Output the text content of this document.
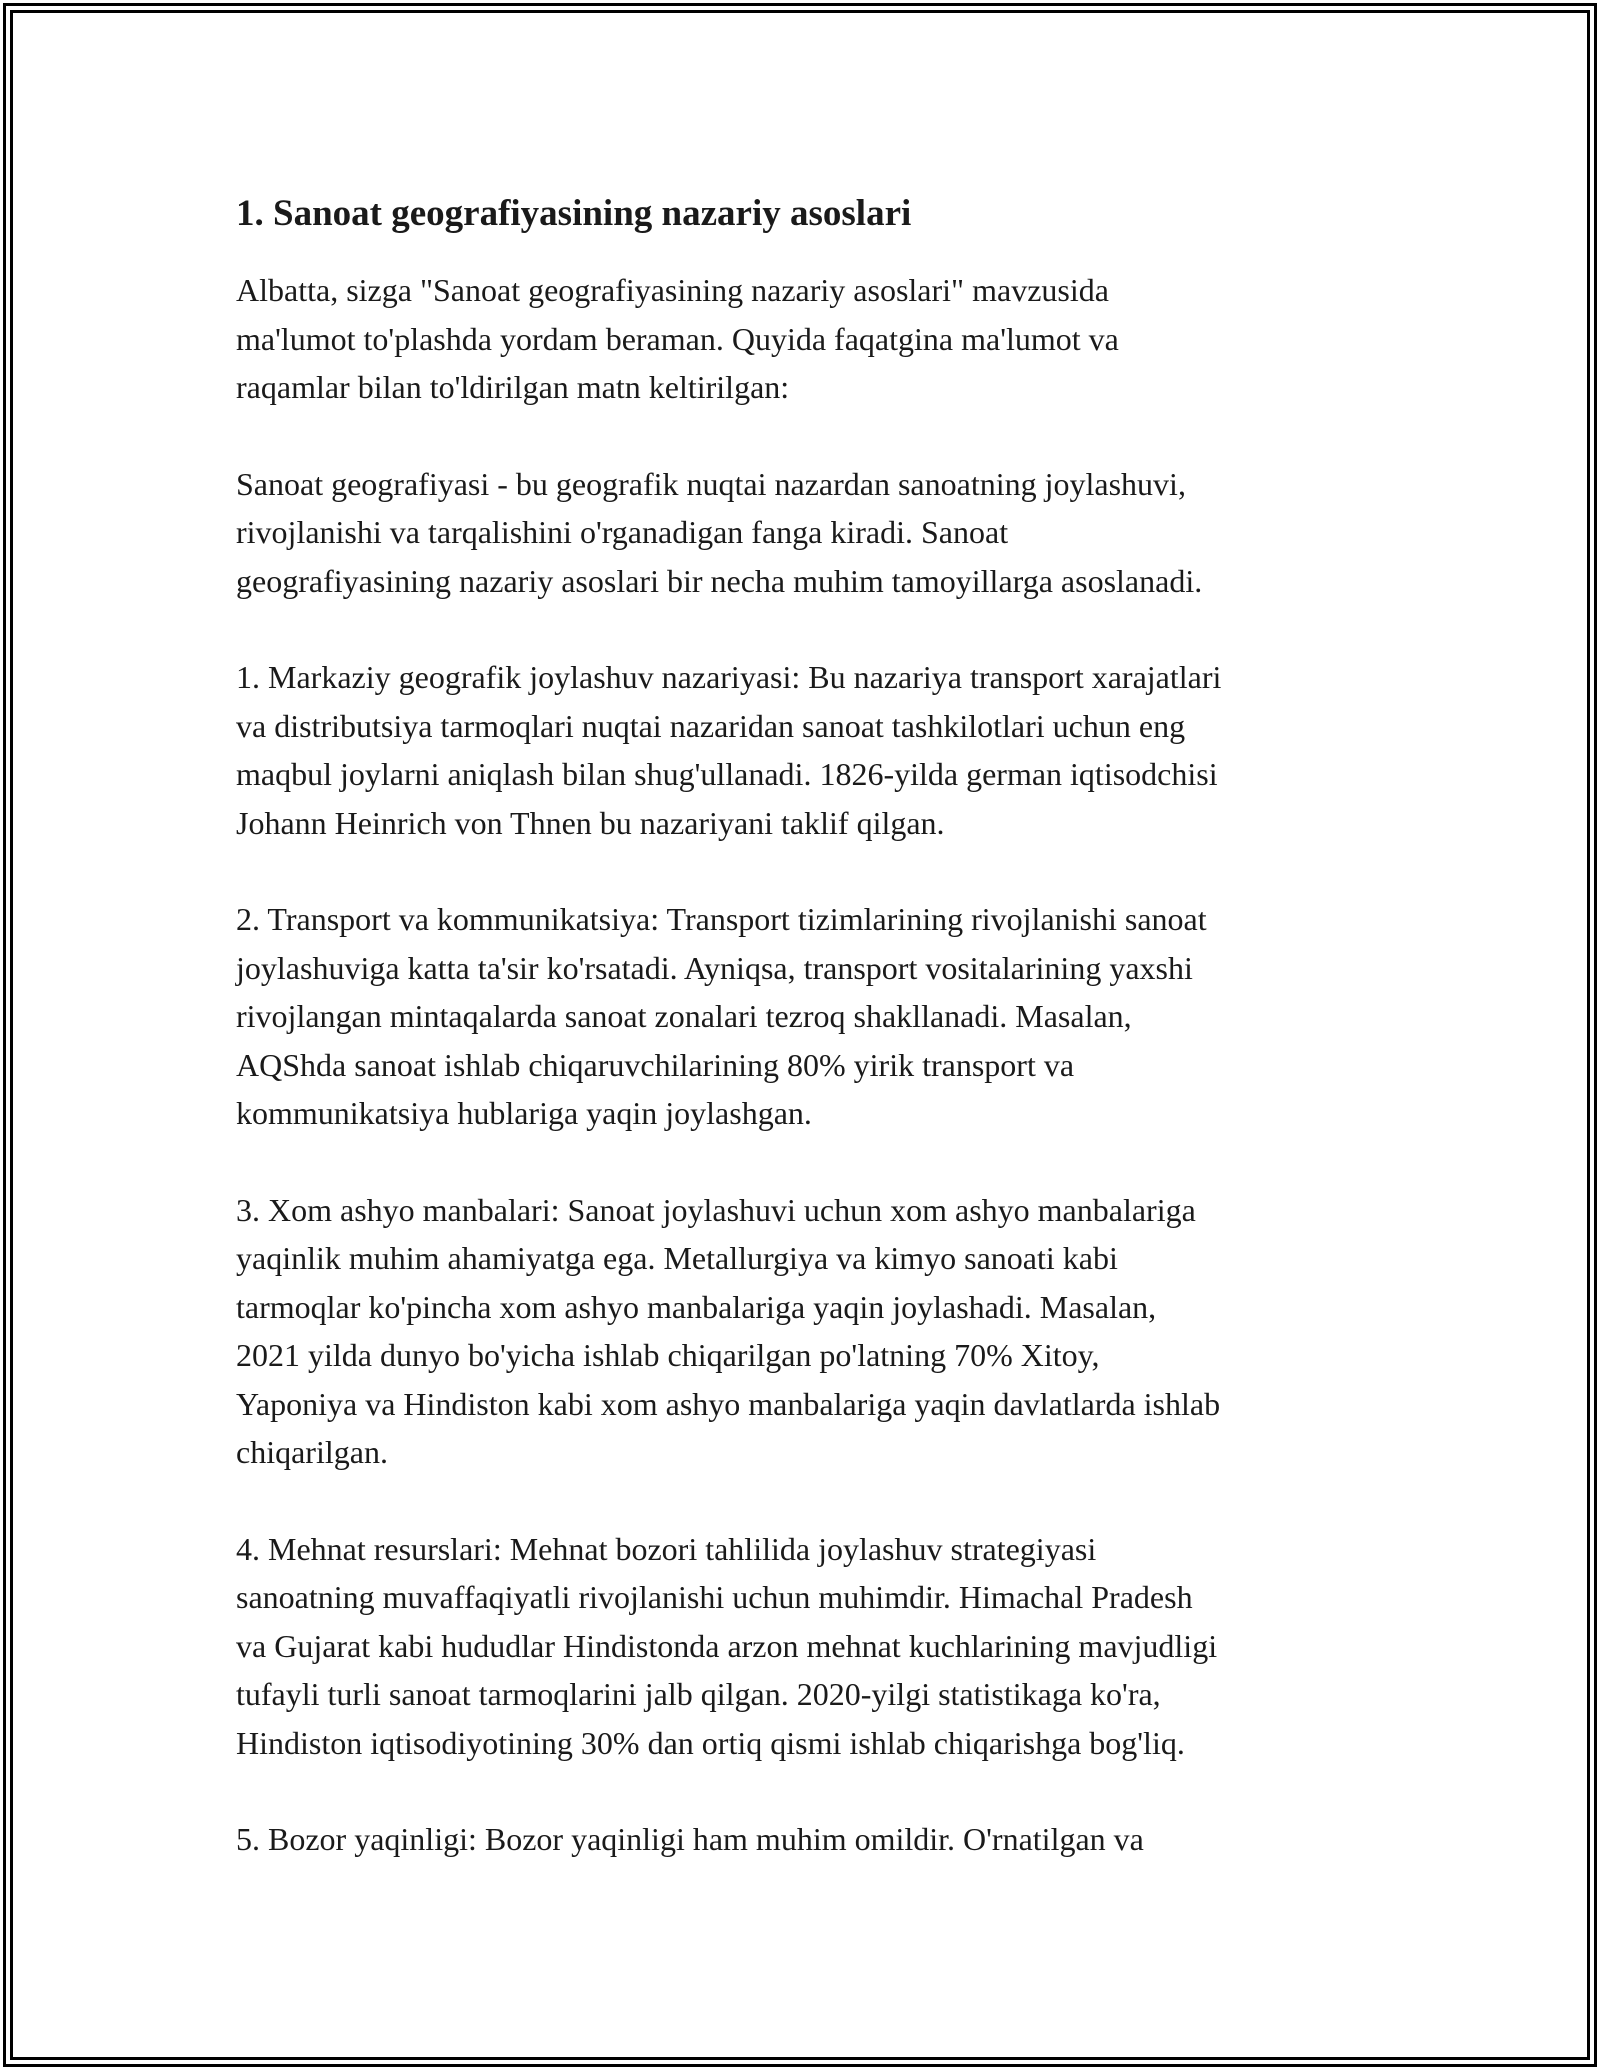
1. Sanoat geografiyasining nazariy asoslari

Albatta, sizga "Sanoat geografiyasining nazariy asoslari" mavzusida
ma'lumot to'plashda yordam beraman. Quyida faqatgina ma'lumot va
raqamlar bilan to'ldirilgan matn keltirilgan:

Sanoat geografiyasi - bu geografik nuqtai nazardan sanoatning joylashuvi,
rivojlanishi va tarqalishini o'rganadigan fanga kiradi. Sanoat
geografiyasining nazariy asoslari bir necha muhim tamoyillarga asoslanadi.

1. Markaziy geografik joylashuv nazariyasi: Bu nazariya transport xarajatlari
va distributsiya tarmoqlari nuqtai nazaridan sanoat tashkilotlari uchun eng
maqbul joylarni aniqlash bilan shug'ullanadi. 1826-yilda german iqtisodchisi
Johann Heinrich von Thnen bu nazariyani taklif qilgan.

2. Transport va kommunikatsiya: Transport tizimlarining rivojlanishi sanoat
joylashuviga katta ta'sir ko'rsatadi. Ayniqsa, transport vositalarining yaxshi
rivojlangan mintaqalarda sanoat zonalari tezroq shakllanadi. Masalan,
AQShda sanoat ishlab chiqaruvchilarining 80% yirik transport va
kommunikatsiya hublariga yaqin joylashgan.

3. Xom ashyo manbalari: Sanoat joylashuvi uchun xom ashyo manbalariga
yaqinlik muhim ahamiyatga ega. Metallurgiya va kimyo sanoati kabi
tarmoqlar ko'pincha xom ashyo manbalariga yaqin joylashadi. Masalan,
2021 yilda dunyo bo'yicha ishlab chiqarilgan po'latning 70% Xitoy,
Yaponiya va Hindiston kabi xom ashyo manbalariga yaqin davlatlarda ishlab
chiqarilgan.

4. Mehnat resurslari: Mehnat bozori tahlilida joylashuv strategiyasi
sanoatning muvaffaqiyatli rivojlanishi uchun muhimdir. Himachal Pradesh
va Gujarat kabi hududlar Hindistonda arzon mehnat kuchlarining mavjudligi
tufayli turli sanoat tarmoqlarini jalb qilgan. 2020-yilgi statistikaga ko'ra,
Hindiston iqtisodiyotining 30% dan ortiq qismi ishlab chiqarishga bog'liq.

5. Bozor yaqinligi: Bozor yaqinligi ham muhim omildir. O'rnatilgan va
